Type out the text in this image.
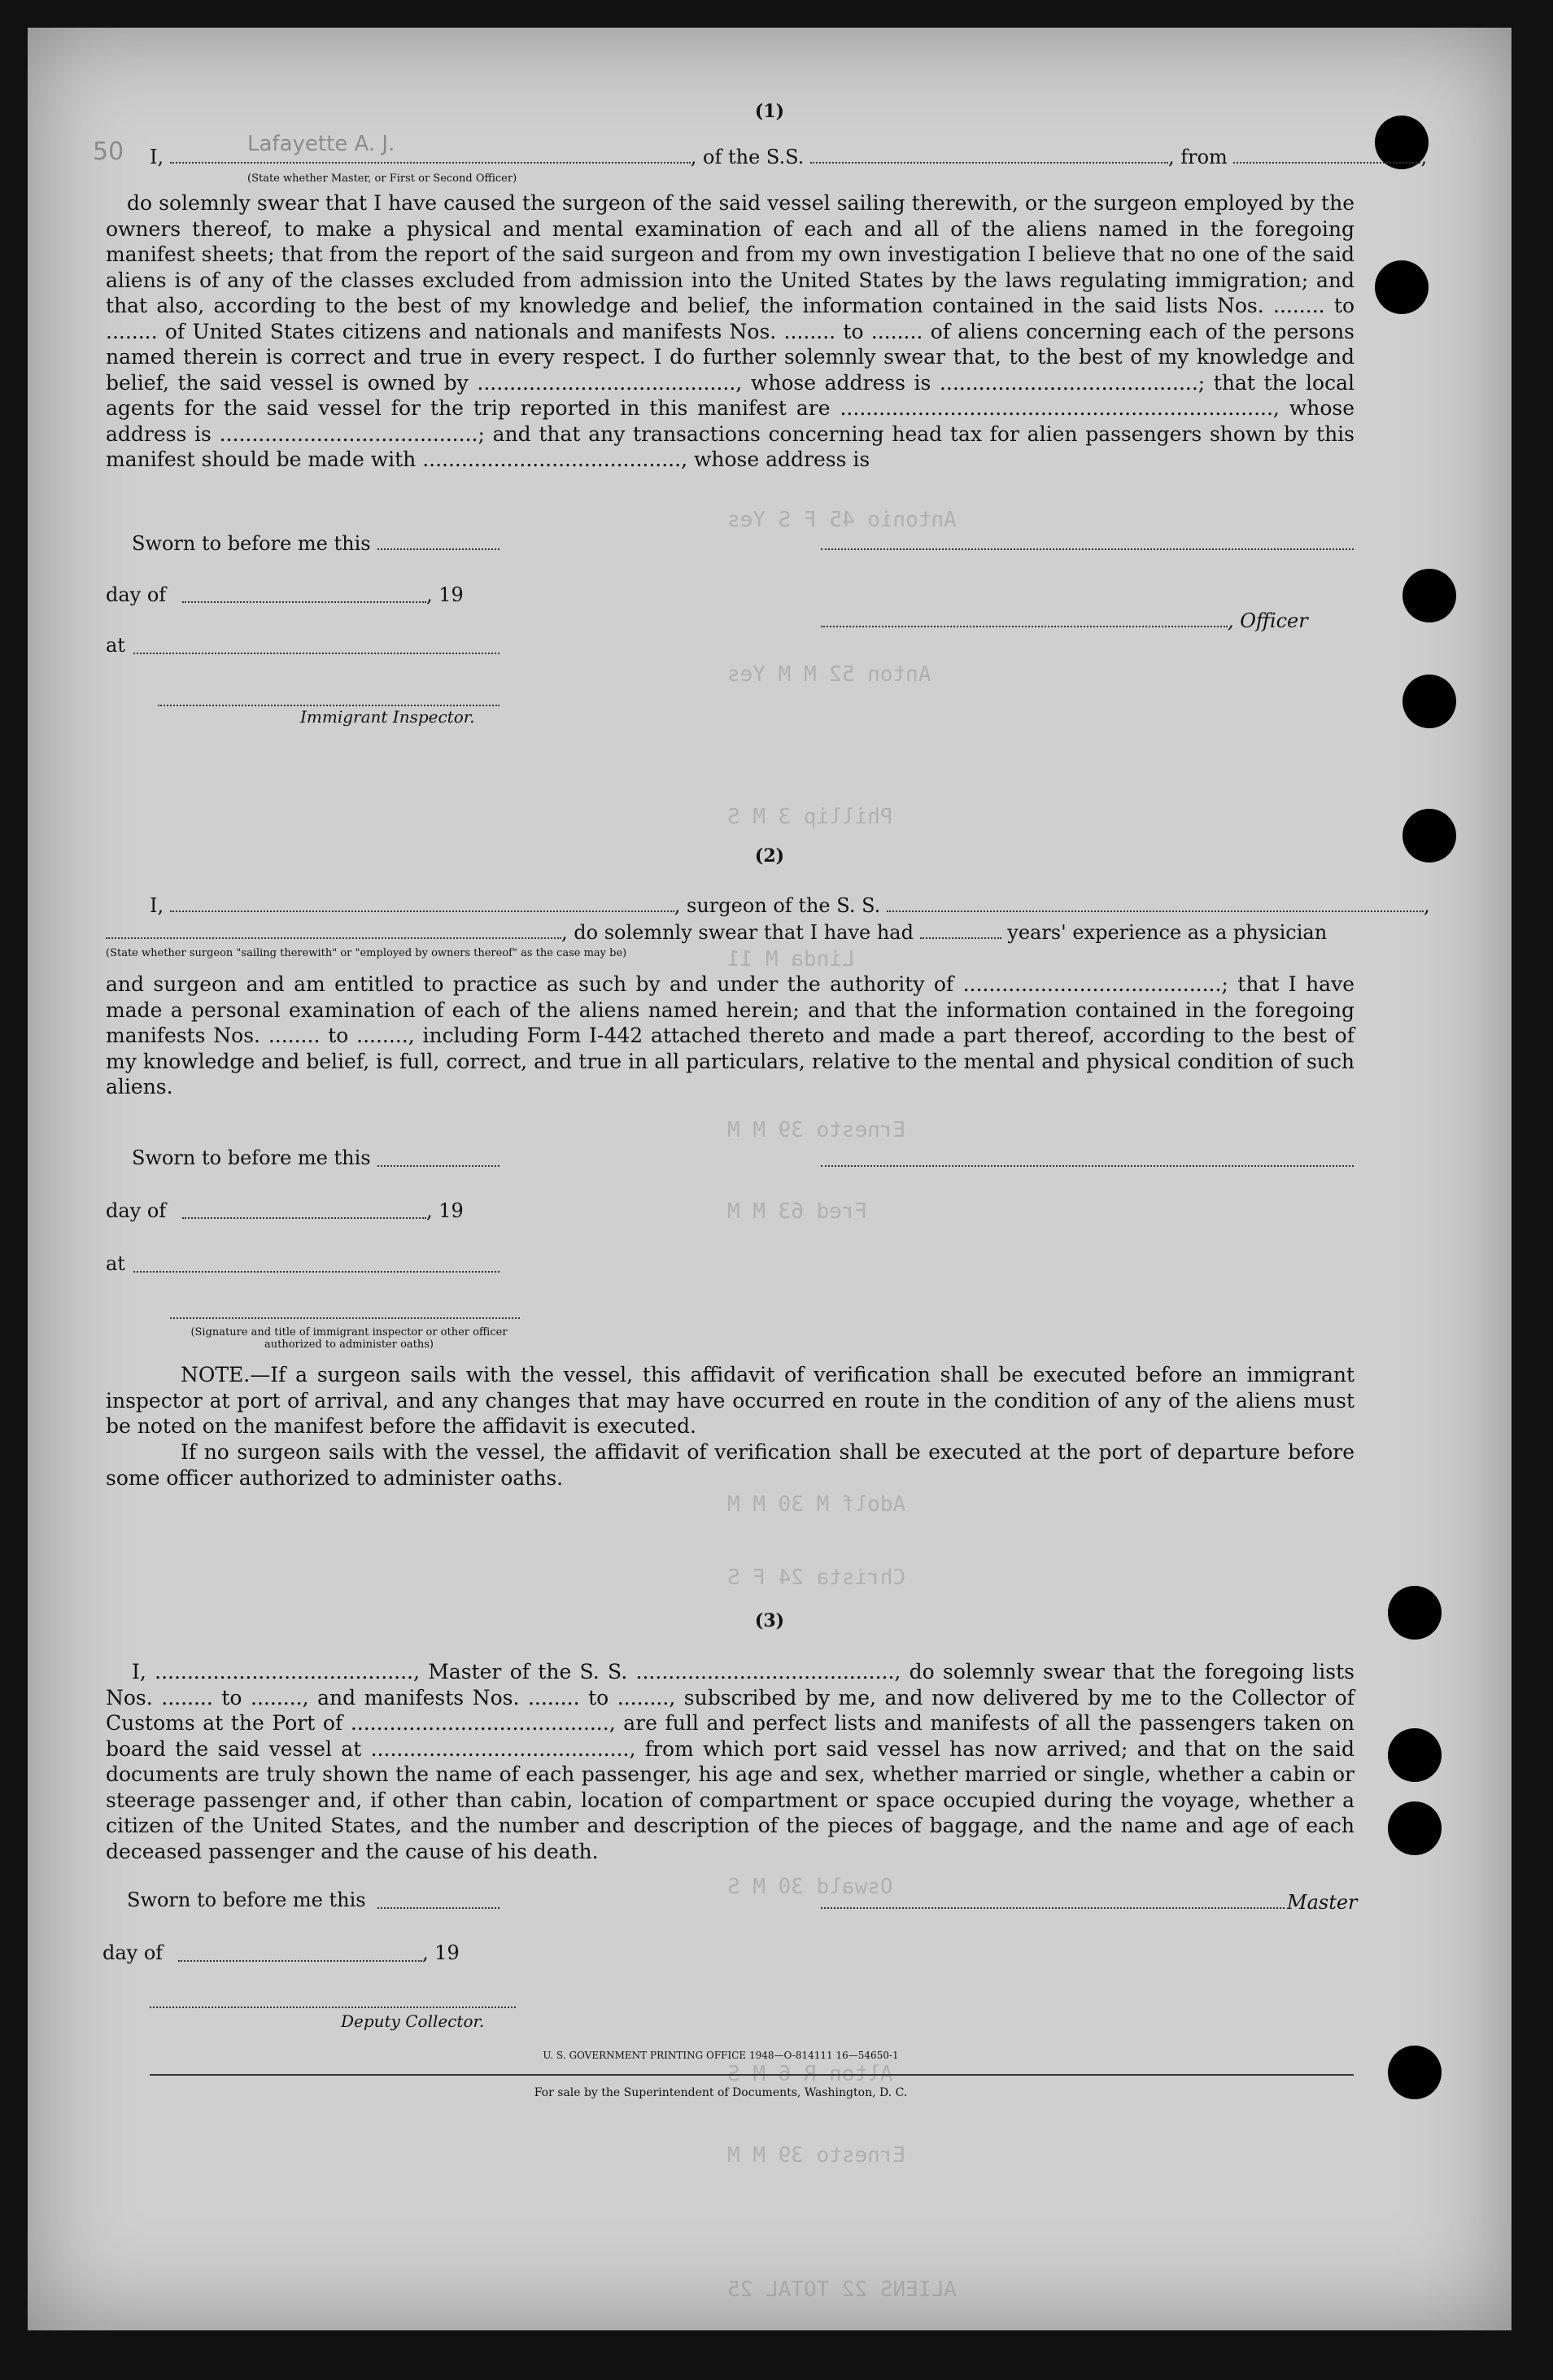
Antonio 45 F S Yes
Anton 52 M M Yes
Phillip 3 M S
Linda M 11
Ernesto 39 M M
Fred 63 M M
Adolf M 30 M M
Christa 24 F S
Oswald 30 M S
Alton R 6 M S
Ernesto 39 M M
ALIENS 22 TOTAL 25
(1)
50 I,	, of the S.S.	, from	,
Lafayette A. J.
(State whether Master, or First or Second Officer)
do solemnly swear that I have caused the surgeon of the said vessel sailing therewith, or the surgeon employed by the owners thereof, to make a physical and mental examination of each and all of the aliens named in the foregoing manifest sheets; that from the report of the said surgeon and from my own investigation I believe that no one of the said aliens is of any of the classes excluded from admission into the United States by the laws regulating immigration; and that also, according to the best of my knowledge and belief, the information contained in the said lists Nos. ........ to ........ of United States citizens and nationals and manifests Nos. ........ to ........ of aliens concerning each of the persons named therein is correct and true in every respect. I do further solemnly swear that, to the best of my knowledge and belief, the said vessel is owned by ........................................, whose address is ........................................; that the local agents for the said vessel for the trip reported in this manifest are ..................................................................., whose address is ........................................; and that any transactions concerning head tax for alien passengers shown by this manifest should be made with ........................................, whose address is
Sworn to before me this
day of	, 19
, Officer
at
Immigrant Inspector.
(2)
I,	, surgeon of the S. S.	,
, do solemnly swear that I have had	years' experience as a physician
(State whether surgeon "sailing therewith" or "employed by owners thereof" as the case may be)
and surgeon and am entitled to practice as such by and under the authority of ........................................; that I have made a personal examination of each of the aliens named herein; and that the information contained in the foregoing manifests Nos. ........ to ........, including Form I-442 attached thereto and made a part thereof, according to the best of my knowledge and belief, is full, correct, and true in all particulars, relative to the mental and physical condition of such aliens.
Sworn to before me this
day of	, 19
at
(Signature and title of immigrant inspector or other officer authorized to administer oaths)
NOTE.—If a surgeon sails with the vessel, this affidavit of verification shall be executed before an immigrant inspector at port of arrival, and any changes that may have occurred en route in the condition of any of the aliens must be noted on the manifest before the affidavit is executed.
If no surgeon sails with the vessel, the affidavit of verification shall be executed at the port of departure before some officer authorized to administer oaths.
(3)
I, ........................................, Master of the S. S. ........................................, do solemnly swear that the foregoing lists Nos. ........ to ........, and manifests Nos. ........ to ........, subscribed by me, and now delivered by me to the Collector of Customs at the Port of ........................................, are full and perfect lists and manifests of all the passengers taken on board the said vessel at ........................................, from which port said vessel has now arrived; and that on the said documents are truly shown the name of each passenger, his age and sex, whether married or single, whether a cabin or steerage passenger and, if other than cabin, location of compartment or space occupied during the voyage, whether a citizen of the United States, and the number and description of the pieces of baggage, and the name and age of each deceased passenger and the cause of his death.
Sworn to before me this	Master
day of	, 19
Deputy Collector.
U. S. GOVERNMENT PRINTING OFFICE 1948—O-814111 16—54650-1
For sale by the Superintendent of Documents, Washington, D. C.
